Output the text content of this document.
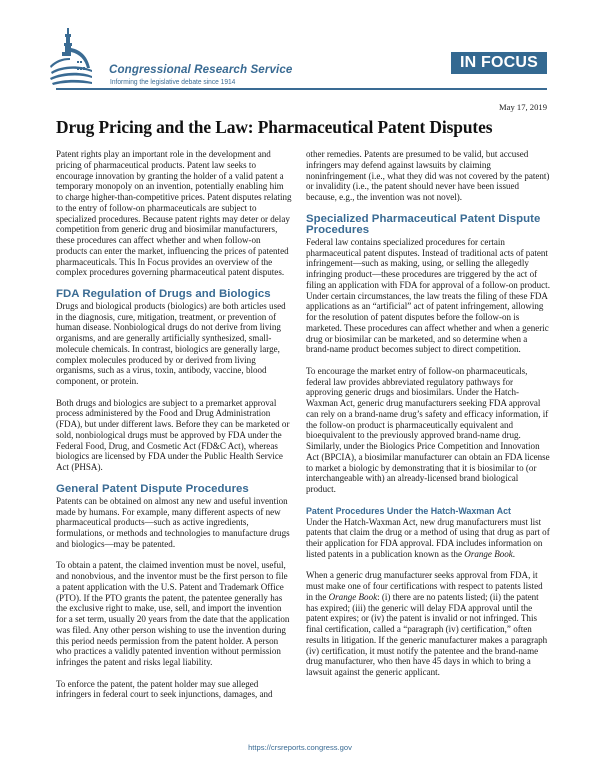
Congressional Research Service
Informing the legislative debate since 1914
IN FOCUS
May 17, 2019
Drug Pricing and the Law: Pharmaceutical Patent Disputes

Patent rights play an important role in the development and pricing of pharmaceutical products. Patent law seeks to encourage innovation by granting the holder of a valid patent a temporary monopoly on an invention, potentially enabling him to charge higher-than-competitive prices. Patent disputes relating to the entry of follow-on pharmaceuticals are subject to specialized procedures. Because patent rights may deter or delay competition from generic drug and biosimilar manufacturers, these procedures can affect whether and when follow-on products can enter the market, influencing the prices of patented pharmaceuticals. This In Focus provides an overview of the complex procedures governing pharmaceutical patent disputes.

FDA Regulation of Drugs and Biologics

Drugs and biological products (biologics) are both articles used in the diagnosis, cure, mitigation, treatment, or prevention of human disease. Nonbiological drugs do not derive from living organisms, and are generally artificially synthesized, small-molecule chemicals. In contrast, biologics are generally large, complex molecules produced by or derived from living organisms, such as a virus, toxin, antibody, vaccine, blood component, or protein.

Both drugs and biologics are subject to a premarket approval process administered by the Food and Drug Administration (FDA), but under different laws. Before they can be marketed or sold, nonbiological drugs must be approved by FDA under the Federal Food, Drug, and Cosmetic Act (FD&C Act), whereas biologics are licensed by FDA under the Public Health Service Act (PHSA).

General Patent Dispute Procedures

Patents can be obtained on almost any new and useful invention made by humans. For example, many different aspects of new pharmaceutical products—such as active ingredients, formulations, or methods and technologies to manufacture drugs and biologics—may be patented.

To obtain a patent, the claimed invention must be novel, useful, and nonobvious, and the inventor must be the first person to file a patent application with the U.S. Patent and Trademark Office (PTO). If the PTO grants the patent, the patentee generally has the exclusive right to make, use, sell, and import the invention for a set term, usually 20 years from the date that the application was filed. Any other person wishing to use the invention during this period needs permission from the patent holder. A person who practices a validly patented invention without permission infringes the patent and risks legal liability.

To enforce the patent, the patent holder may sue alleged infringers in federal court to seek injunctions, damages, and

other remedies. Patents are presumed to be valid, but accused infringers may defend against lawsuits by claiming noninfringement (i.e., what they did was not covered by the patent) or invalidity (i.e., the patent should never have been issued because, e.g., the invention was not novel).

Specialized Pharmaceutical Patent Dispute Procedures

Federal law contains specialized procedures for certain pharmaceutical patent disputes. Instead of traditional acts of patent infringement—such as making, using, or selling the allegedly infringing product—these procedures are triggered by the act of filing an application with FDA for approval of a follow-on product. Under certain circumstances, the law treats the filing of these FDA applications as an “artificial” act of patent infringement, allowing for the resolution of patent disputes before the follow-on is marketed. These procedures can affect whether and when a generic drug or biosimilar can be marketed, and so determine when a brand-name product becomes subject to direct competition.

To encourage the market entry of follow-on pharmaceuticals, federal law provides abbreviated regulatory pathways for approving generic drugs and biosimilars. Under the Hatch-Waxman Act, generic drug manufacturers seeking FDA approval can rely on a brand-name drug’s safety and efficacy information, if the follow-on product is pharmaceutically equivalent and bioequivalent to the previously approved brand-name drug. Similarly, under the Biologics Price Competition and Innovation Act (BPCIA), a biosimilar manufacturer can obtain an FDA license to market a biologic by demonstrating that it is biosimilar to (or interchangeable with) an already-licensed brand biological product.

Patent Procedures Under the Hatch-Waxman Act

Under the Hatch-Waxman Act, new drug manufacturers must list patents that claim the drug or a method of using that drug as part of their application for FDA approval. FDA includes information on listed patents in a publication known as the Orange Book.

When a generic drug manufacturer seeks approval from FDA, it must make one of four certifications with respect to patents listed in the Orange Book: (i) there are no patents listed; (ii) the patent has expired; (iii) the generic will delay FDA approval until the patent expires; or (iv) the patent is invalid or not infringed. This final certification, called a “paragraph (iv) certification,” often results in litigation. If the generic manufacturer makes a paragraph (iv) certification, it must notify the patentee and the brand-name drug manufacturer, who then have 45 days in which to bring a lawsuit against the generic applicant.

https://crsreports.congress.gov
